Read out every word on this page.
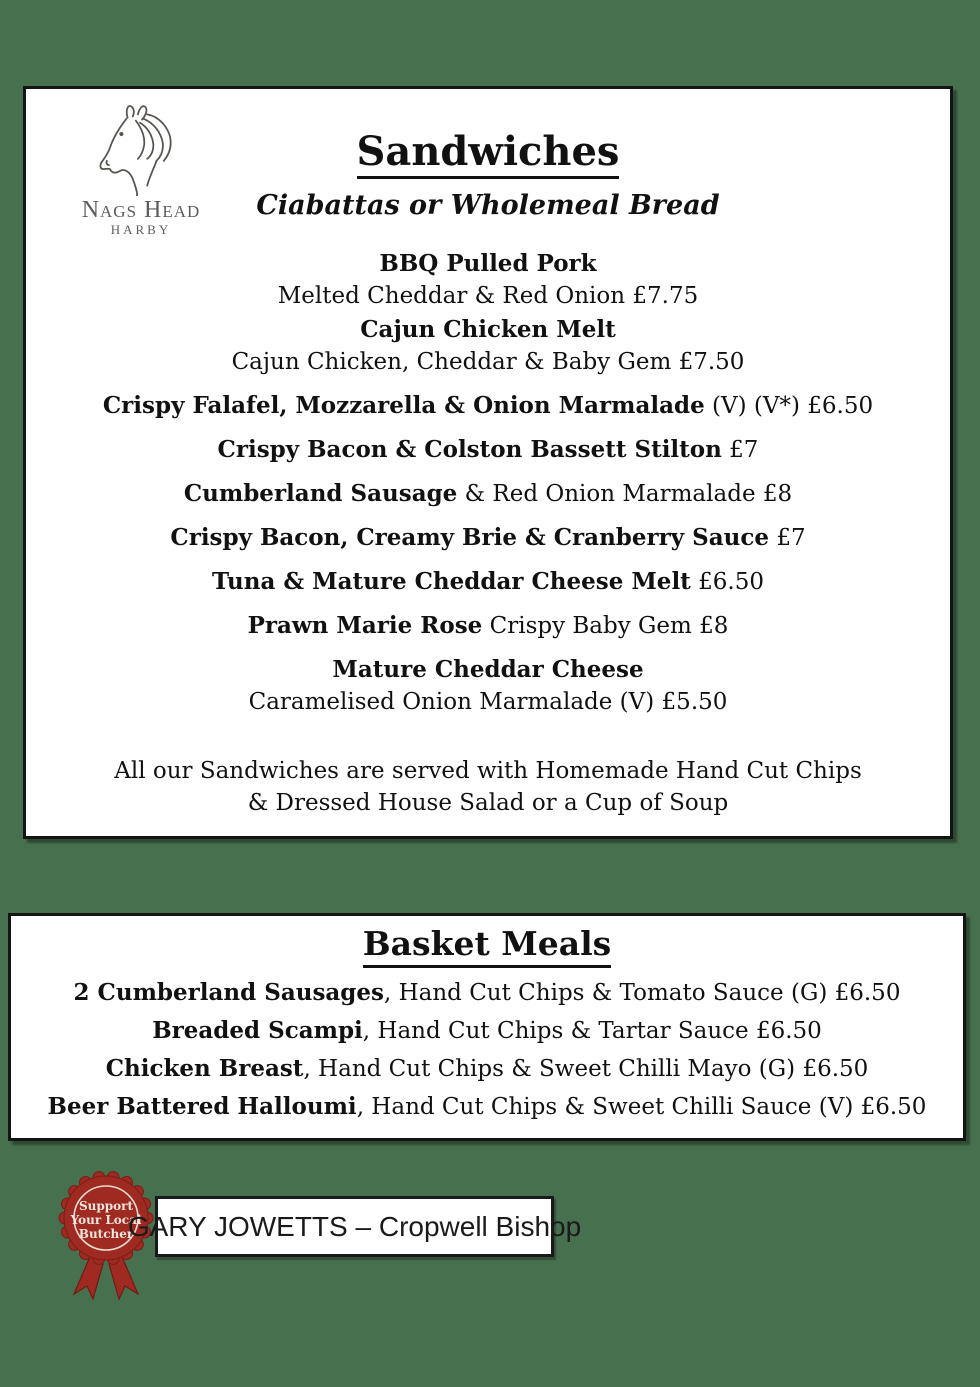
Nags Head
HARBY
Sandwiches
Ciabattas or Wholemeal Bread
BBQ Pulled Pork
Melted Cheddar & Red Onion £7.75
Cajun Chicken Melt
Cajun Chicken, Cheddar & Baby Gem £7.50
Crispy Falafel, Mozzarella & Onion Marmalade (V) (V*) £6.50
Crispy Bacon & Colston Bassett Stilton £7
Cumberland Sausage & Red Onion Marmalade £8
Crispy Bacon, Creamy Brie & Cranberry Sauce £7
Tuna & Mature Cheddar Cheese Melt £6.50
Prawn Marie Rose Crispy Baby Gem £8
Mature Cheddar Cheese
Caramelised Onion Marmalade (V) £5.50

All our Sandwiches are served with Homemade Hand Cut Chips
& Dressed House Salad or a Cup of Soup

Basket Meals
2 Cumberland Sausages, Hand Cut Chips & Tomato Sauce (G) £6.50
Breaded Scampi, Hand Cut Chips & Tartar Sauce £6.50
Chicken Breast, Hand Cut Chips & Sweet Chilli Mayo (G) £6.50
Beer Battered Halloumi, Hand Cut Chips & Sweet Chilli Sauce (V) £6.50
Support
Your Local
Butcher
GARY JOWETTS – Cropwell Bishop
